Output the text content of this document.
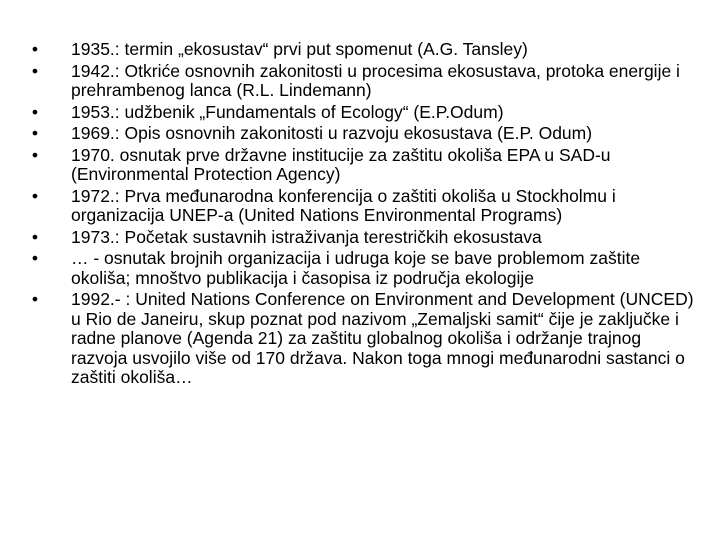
• 1935.: termin „ekosustav“ prvi put spomenut (A.G. Tansley)
• 1942.: Otkriće osnovnih zakonitosti u procesima ekosustava, protoka energije i prehrambenog lanca (R.L. Lindemann)
• 1953.: udžbenik „Fundamentals of Ecology“ (E.P.Odum)
• 1969.: Opis osnovnih zakonitosti u razvoju ekosustava (E.P. Odum)
• 1970. osnutak prve državne institucije za zaštitu okoliša EPA u SAD-u (Environmental Protection Agency)
• 1972.: Prva međunarodna konferencija o zaštiti okoliša u Stockholmu i organizacija UNEP-a (United Nations Environmental Programs)
• 1973.: Početak sustavnih istraživanja terestričkih ekosustava
• … - osnutak brojnih organizacija i udruga koje se bave problemom zaštite okoliša; mnoštvo publikacija i časopisa iz područja ekologije
• 1992.- : United Nations Conference on Environment and Development (UNCED) u Rio de Janeiru, skup poznat pod nazivom „Zemaljski samit“ čije je zaključke i radne planove (Agenda 21) za zaštitu globalnog okoliša i održanje trajnog razvoja usvojilo više od 170 država. Nakon toga mnogi međunarodni sastanci o zaštiti okoliša…
